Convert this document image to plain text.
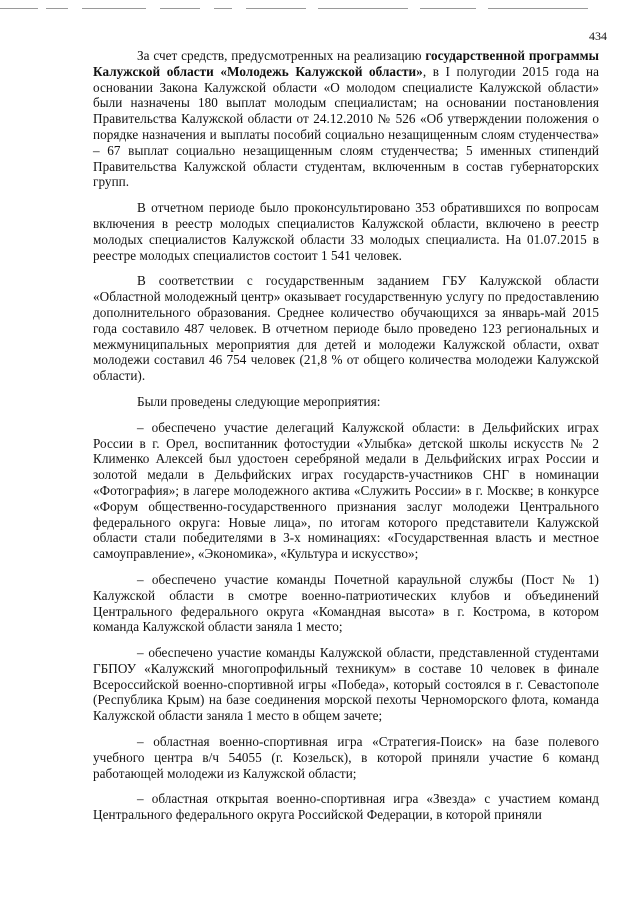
434

За счет средств, предусмотренных на реализацию государственной программы Калужской области «Молодежь Калужской области», в I полугодии 2015 года на основании Закона Калужской области «О молодом специалисте Калужской области» были назначены 180 выплат молодым специалистам; на основании постановления Правительства Калужской области от 24.12.2010 № 526 «Об утверждении положения о порядке назначения и выплаты пособий социально незащищенным слоям студенчества» – 67 выплат социально незащищенным слоям студенчества; 5 именных стипендий Правительства Калужской области студентам, включенным в состав губернаторских групп.

В отчетном периоде было проконсультировано 353 обратившихся по вопросам включения в реестр молодых специалистов Калужской области, включено в реестр молодых специалистов Калужской области 33 молодых специалиста. На 01.07.2015 в реестре молодых специалистов состоит 1 541 человек.

В соответствии с государственным заданием ГБУ Калужской области «Областной молодежный центр» оказывает государственную услугу по предоставлению дополнительного образования. Среднее количество обучающихся за январь-май 2015 года составило 487 человек. В отчетном периоде было проведено 123 региональных и межмуниципальных мероприятия для детей и молодежи Калужской области, охват молодежи составил 46 754 человек (21,8 % от общего количества молодежи Калужской области).

Были проведены следующие мероприятия:

– обеспечено участие делегаций Калужской области: в Дельфийских играх России в г. Орел, воспитанник фотостудии «Улыбка» детской школы искусств № 2 Клименко Алексей был удостоен серебряной медали в Дельфийских играх России и золотой медали в Дельфийских играх государств-участников СНГ в номинации «Фотография»; в лагере молодежного актива «Служить России» в г. Москве; в конкурсе «Форум общественно-государственного признания заслуг молодежи Центрального федерального округа: Новые лица», по итогам которого представители Калужской области стали победителями в 3-х номинациях: «Государственная власть и местное самоуправление», «Экономика», «Культура и искусство»;

– обеспечено участие команды Почетной караульной службы (Пост № 1) Калужской области в смотре военно-патриотических клубов и объединений Центрального федерального округа «Командная высота» в г. Кострома, в котором команда Калужской области заняла 1 место;

– обеспечено участие команды Калужской области, представленной студентами ГБПОУ «Калужский многопрофильный техникум» в составе 10 человек в финале Всероссийской военно-спортивной игры «Победа», который состоялся в г. Севастополе (Республика Крым) на базе соединения морской пехоты Черноморского флота, команда Калужской области заняла 1 место в общем зачете;

– областная военно-спортивная игра «Стратегия-Поиск» на базе полевого учебного центра в/ч 54055 (г. Козельск), в которой приняли участие 6 команд работающей молодежи из Калужской области;

– областная открытая военно-спортивная игра «Звезда» с участием команд Центрального федерального округа Российской Федерации, в которой приняли
